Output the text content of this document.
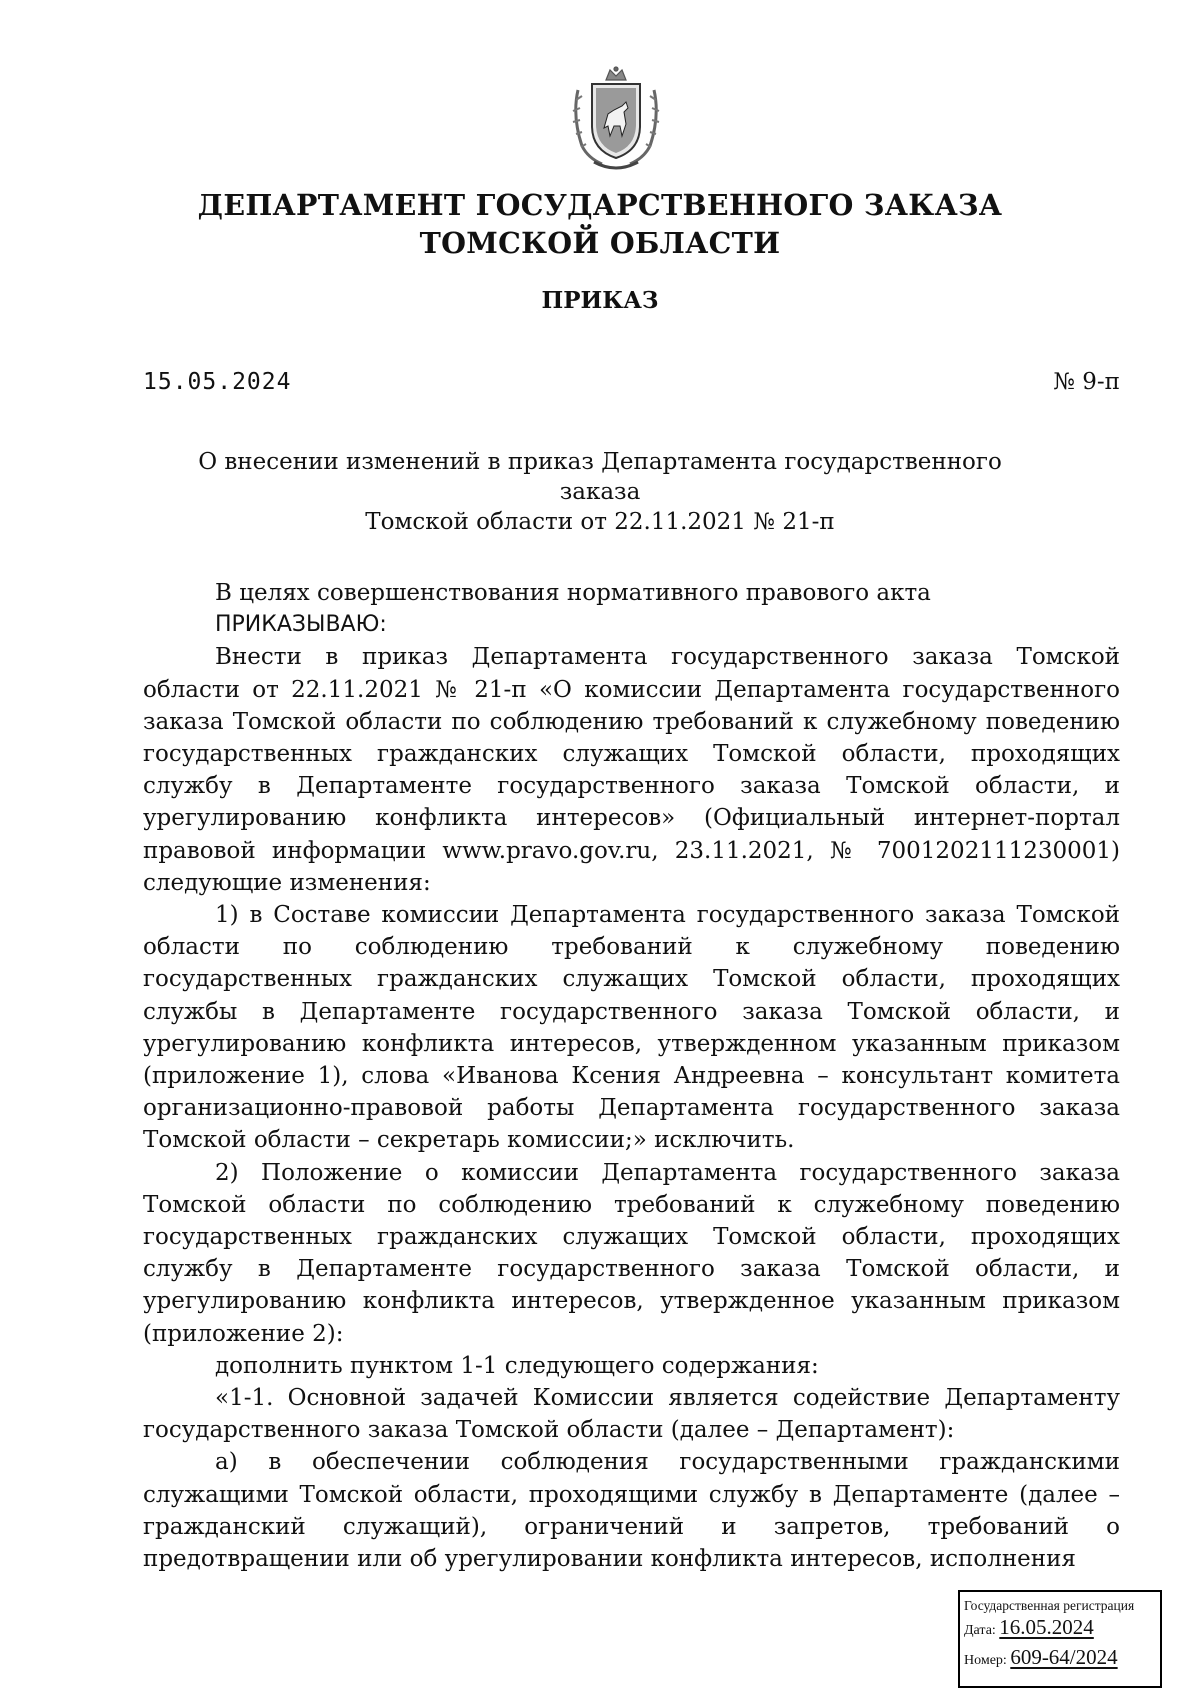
ДЕПАРТАМЕНТ ГОСУДАРСТВЕННОГО ЗАКАЗА
ТОМСКОЙ ОБЛАСТИ
ПРИКАЗ
15.05.2024	№ 9-п
О внесении изменений в приказ Департамента государственного заказа
Томской области от 22.11.2021 № 21-п

В целях совершенствования нормативного правового акта

ПРИКАЗЫВАЮ:

Внести в приказ Департамента государственного заказа Томской области от 22.11.2021 № 21-п «О комиссии Департамента государственного заказа Томской области по соблюдению требований к служебному поведению государственных гражданских служащих Томской области, проходящих службу в Департаменте государственного заказа Томской области, и урегулированию конфликта интересов» (Официальный интернет-портал правовой информации www.pravo.gov.ru, 23.11.2021, № 7001202111230001) следующие изменения:

1) в Составе комиссии Департамента государственного заказа Томской области по соблюдению требований к служебному поведению государственных гражданских служащих Томской области, проходящих службы в Департаменте государственного заказа Томской области, и урегулированию конфликта интересов, утвержденном указанным приказом (приложение 1), слова «Иванова Ксения Андреевна – консультант комитета организационно-правовой работы Департамента государственного заказа Томской области – секретарь комиссии;» исключить.

2) Положение о комиссии Департамента государственного заказа Томской области по соблюдению требований к служебному поведению государственных гражданских служащих Томской области, проходящих службу в Департаменте государственного заказа Томской области, и урегулированию конфликта интересов, утвержденное указанным приказом (приложение 2):

дополнить пунктом 1-1 следующего содержания:

«1-1. Основной задачей Комиссии является содействие Департаменту государственного заказа Томской области (далее – Департамент):

а) в обеспечении соблюдения государственными гражданскими служащими Томской области, проходящими службу в Департаменте (далее – гражданский служащий), ограничений и запретов, требований о предотвращении или об урегулировании конфликта интересов, исполнения

Государственная регистрация
Дата: 16.05.2024
Номер: 609-64/2024
